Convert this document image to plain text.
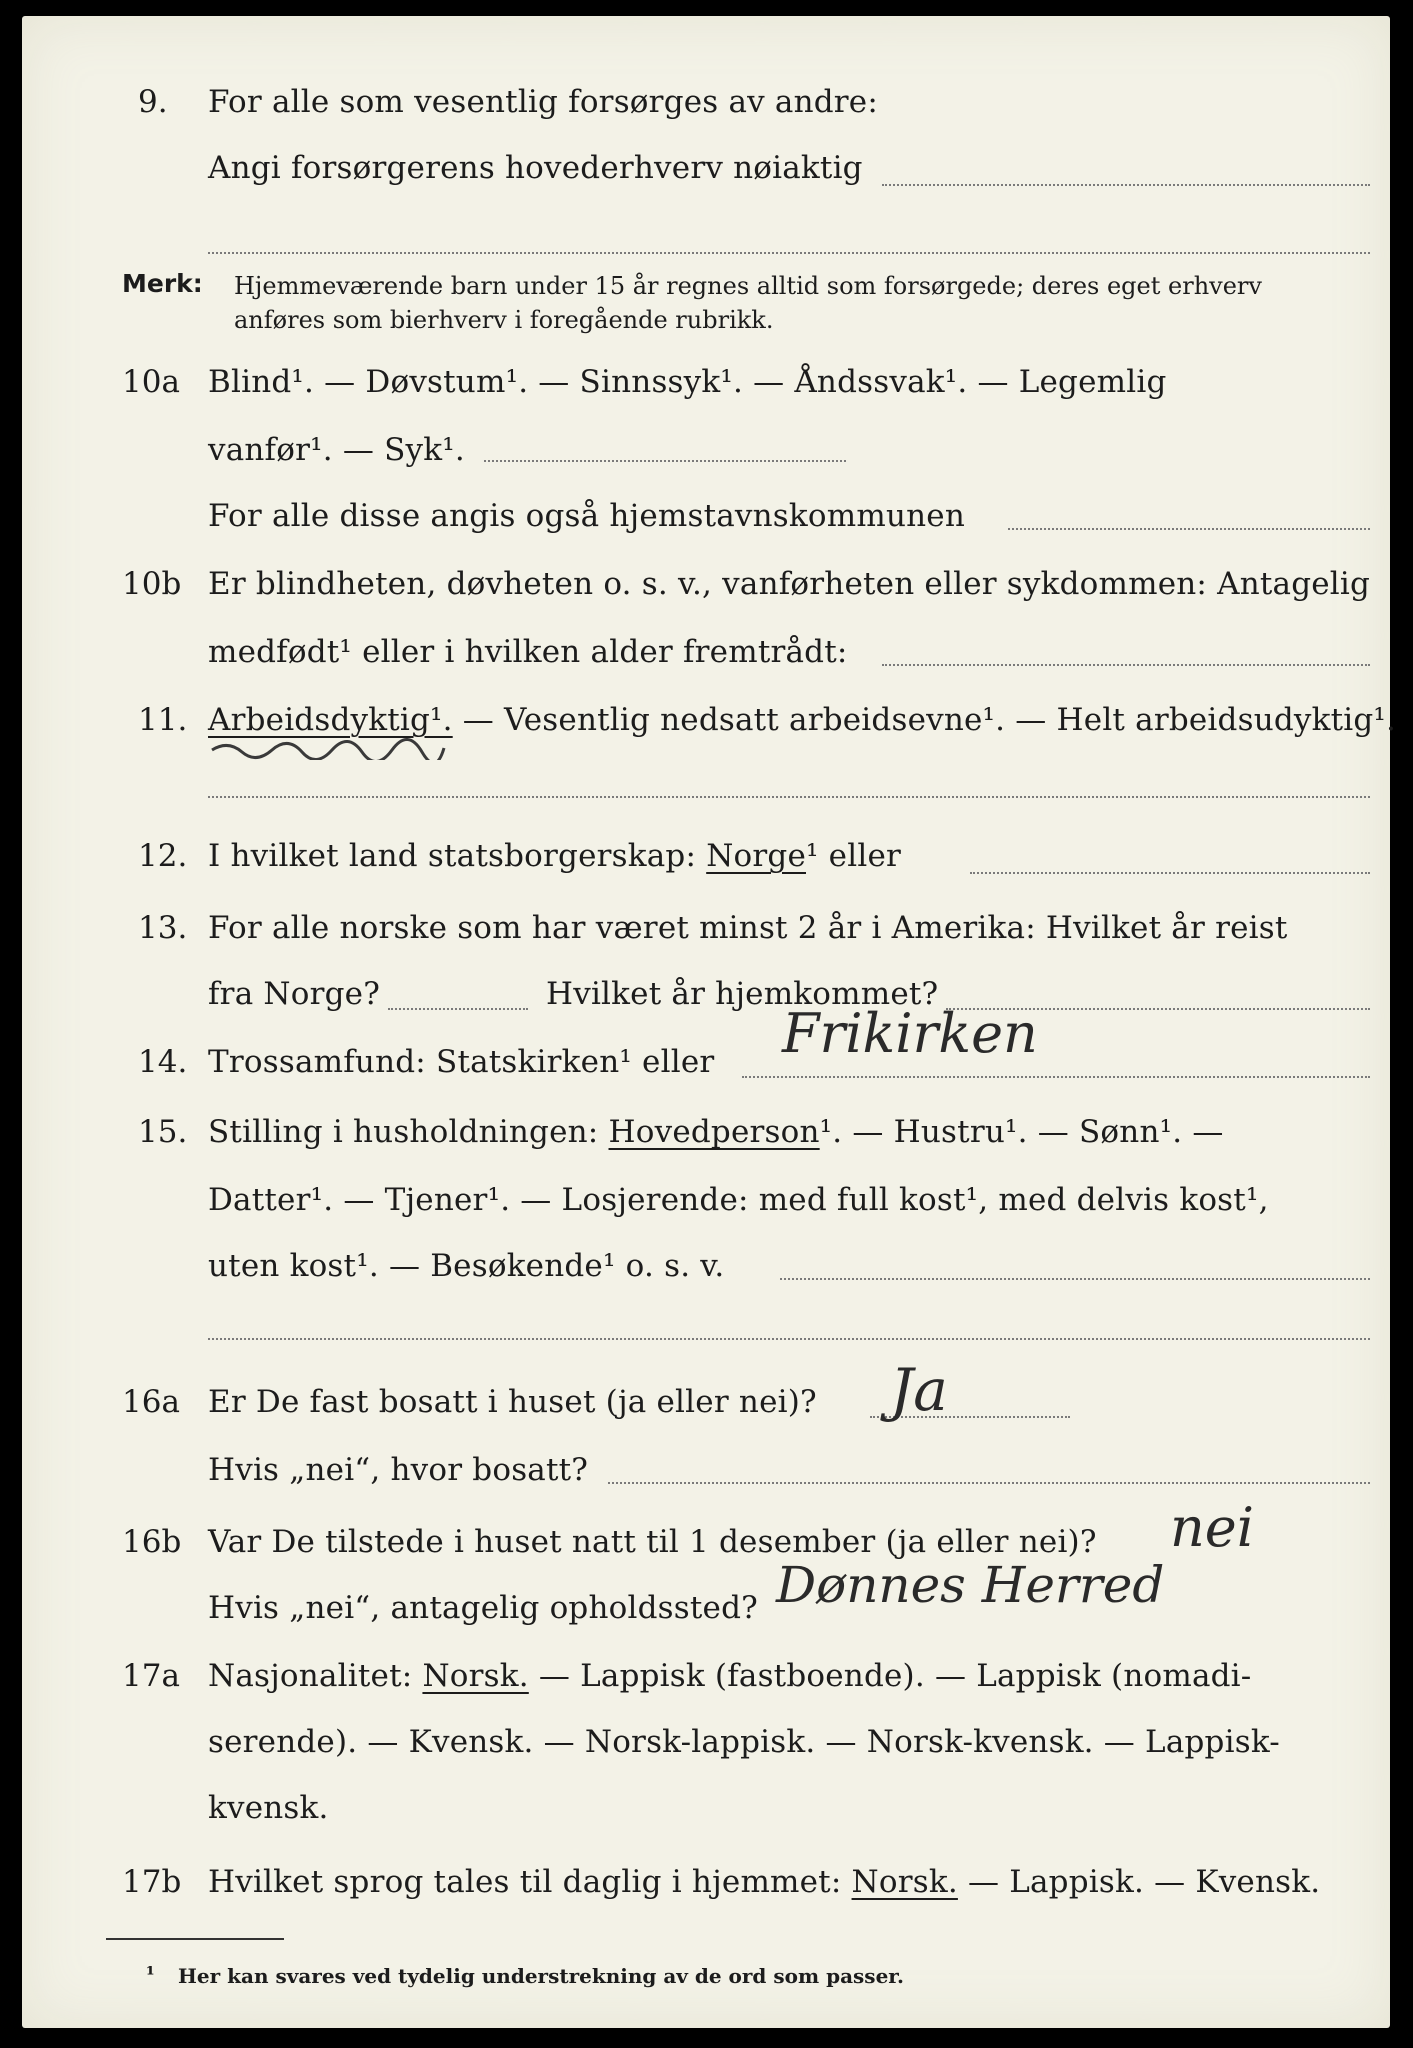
9. For alle som vesentlig forsørges av andre:
Angi forsørgerens hovederhverv nøiaktig
Merk: Hjemmeværende barn under 15 år regnes alltid som forsørgede; deres eget erhverv
anføres som bierhverv i foregående rubrikk.
10a Blind¹. — Døvstum¹. — Sinnssyk¹. — Åndssvak¹. — Legemlig
vanfør¹. — Syk¹.
For alle disse angis også hjemstavnskommunen
10b Er blindheten, døvheten o. s. v., vanførheten eller sykdommen: Antagelig
medfødt¹ eller i hvilken alder fremtrådt:
11. Arbeidsdyktig¹. — Vesentlig nedsatt arbeidsevne¹. — Helt arbeidsudyktig¹.
12. I hvilket land statsborgerskap: Norge¹ eller
13. For alle norske som har været minst 2 år i Amerika: Hvilket år reist
fra Norge?	Hvilket år hjemkommet?
14. Trossamfund: Statskirken¹ eller Frikirken
15. Stilling i husholdningen: Hovedperson¹. — Hustru¹. — Sønn¹. —
Datter¹. — Tjener¹. — Losjerende: med full kost¹, med delvis kost¹,
uten kost¹. — Besøkende¹ o. s. v.
16a Er De fast bosatt i huset (ja eller nei)? Ja
Hvis „nei“, hvor bosatt?
16b Var De tilstede i huset natt til 1 desember (ja eller nei)? nei
Hvis „nei“, antagelig opholdssted? Dønnes Herred
17a Nasjonalitet: Norsk. — Lappisk (fastboende). — Lappisk (nomadi-
serende). — Kvensk. — Norsk-lappisk. — Norsk-kvensk. — Lappisk-
kvensk.
17b Hvilket sprog tales til daglig i hjemmet: Norsk. — Lappisk. — Kvensk.
¹ Her kan svares ved tydelig understrekning av de ord som passer.
